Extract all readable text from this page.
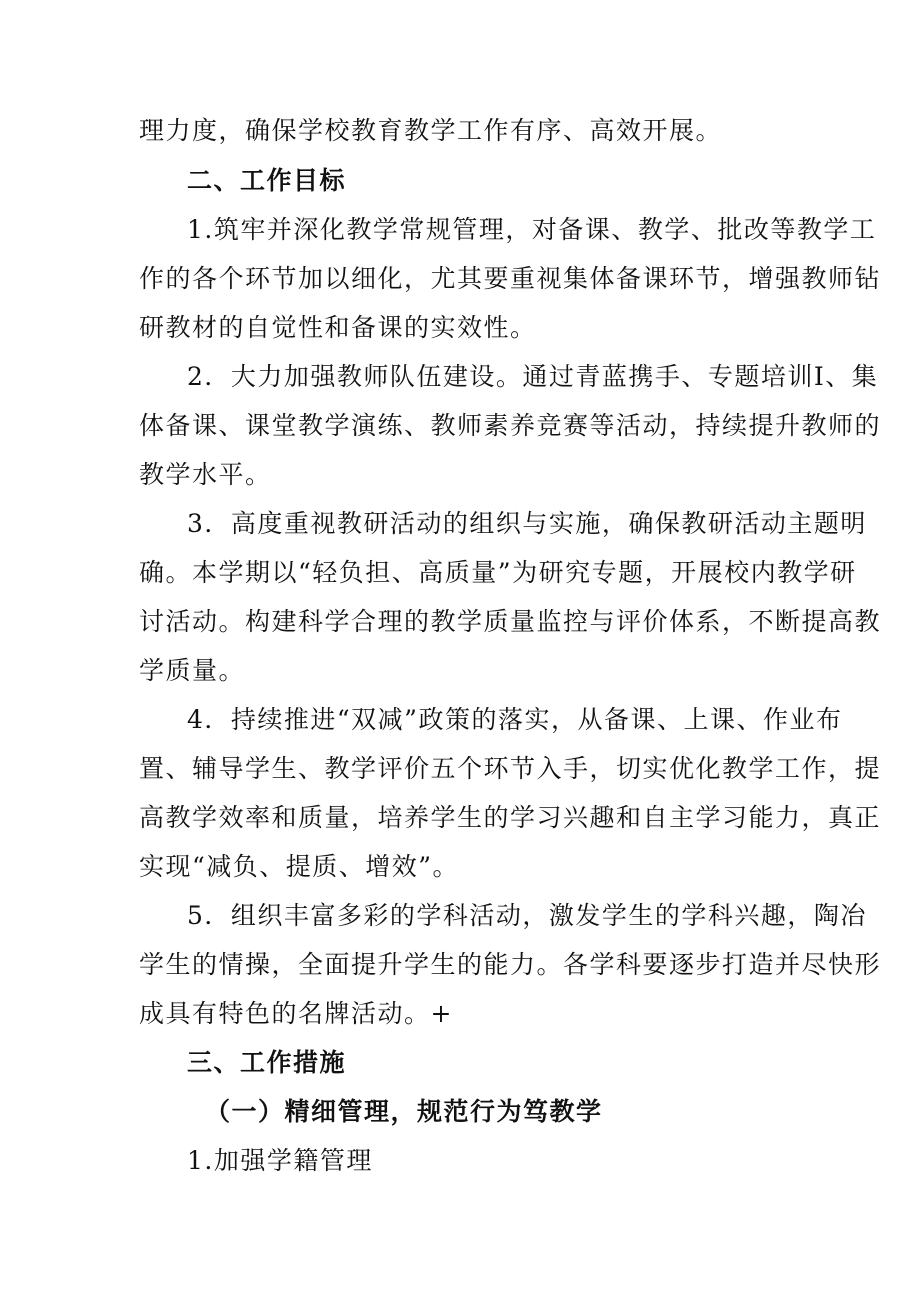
理力度，确保学校教育教学工作有序、高效开展。
二、工作目标
1.筑牢并深化教学常规管理，对备课、教学、批改等教学工
作的各个环节加以细化，尤其要重视集体备课环节，增强教师钻
研教材的自觉性和备课的实效性。
2．大力加强教师队伍建设。通过青蓝携手、专题培训I、集
体备课、课堂教学演练、教师素养竞赛等活动，持续提升教师的
教学水平。
3．高度重视教研活动的组织与实施，确保教研活动主题明
确。本学期以“轻负担、高质量”为研究专题，开展校内教学研
讨活动。构建科学合理的教学质量监控与评价体系，不断提高教
学质量。
4．持续推进“双减”政策的落实，从备课、上课、作业布
置、辅导学生、教学评价五个环节入手，切实优化教学工作，提
高教学效率和质量，培养学生的学习兴趣和自主学习能力，真正
实现“减负、提质、增效”。
5．组织丰富多彩的学科活动，激发学生的学科兴趣，陶冶
学生的情操，全面提升学生的能力。各学科要逐步打造并尽快形
成具有特色的名牌活动。+
三、工作措施
（一）精细管理，规范行为笃教学
1.加强学籍管理
